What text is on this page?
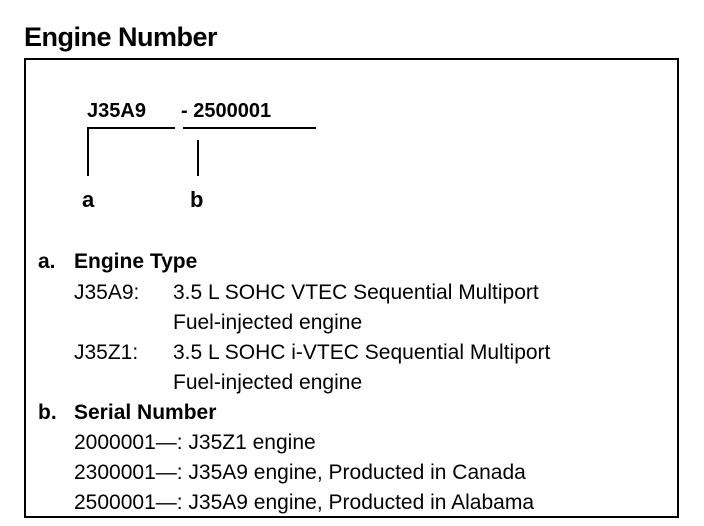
Engine Number
J35A9 - 2500001
a	b
a. Engine Type
J35A9: 3.5 L SOHC VTEC Sequential Multiport
Fuel-injected engine
J35Z1: 3.5 L SOHC i-VTEC Sequential Multiport
Fuel-injected engine
b. Serial Number
2000001—: J35Z1 engine
2300001—: J35A9 engine, Producted in Canada
2500001—: J35A9 engine, Producted in Alabama
